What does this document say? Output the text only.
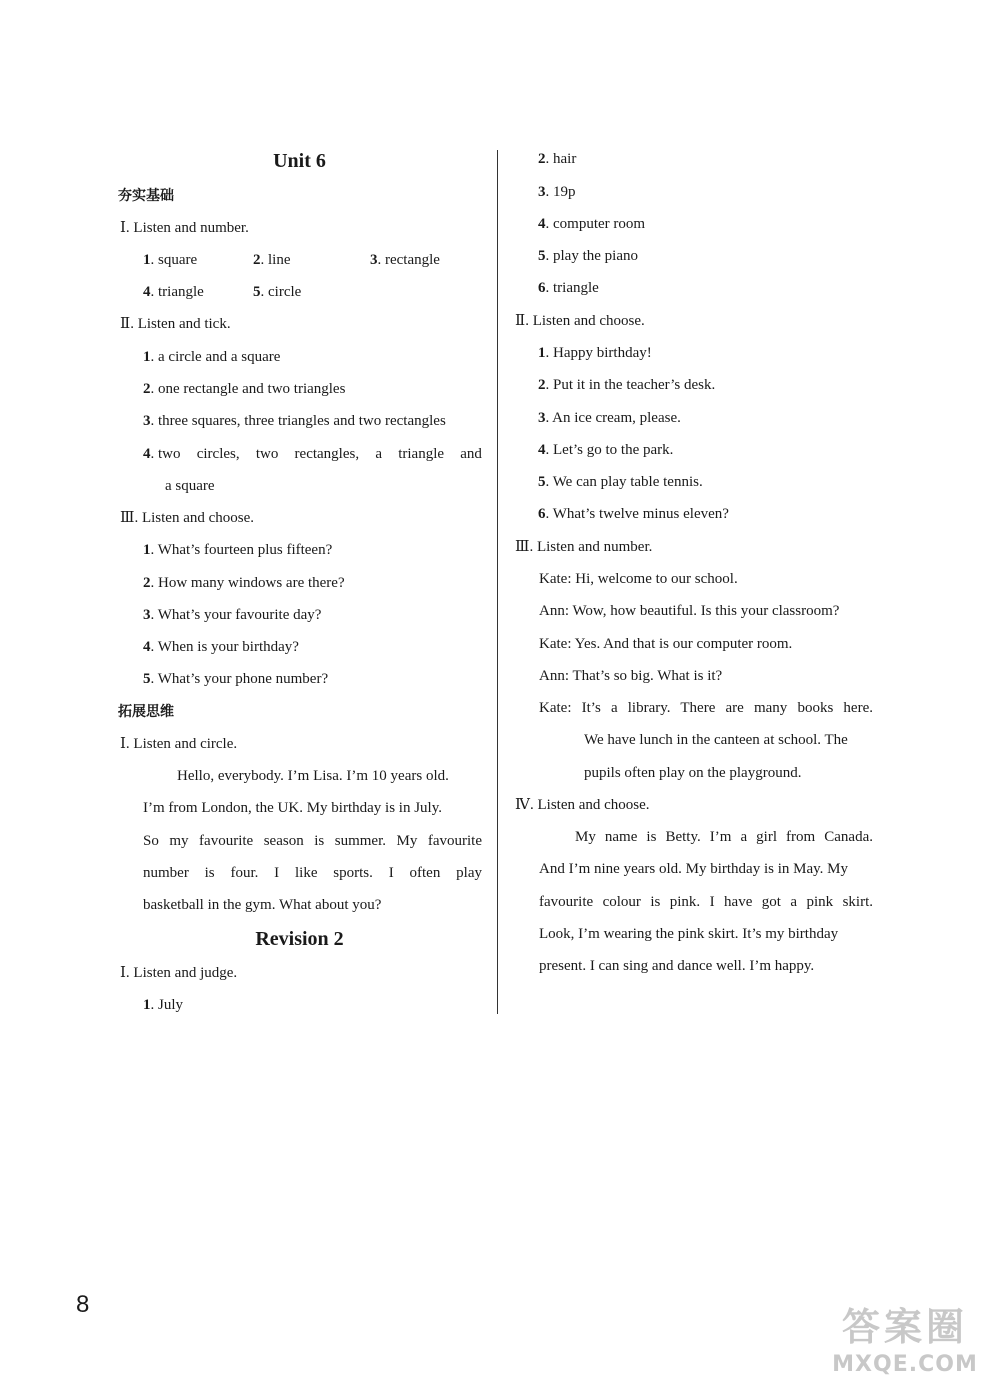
Unit 6
夯实基础
Ⅰ. Listen and number.
1. square	2. line	3. rectangle
4. triangle	5. circle
Ⅱ. Listen and tick.
1. a circle and a square
2. one rectangle and two triangles
3. three squares, three triangles and two rectangles
4. two circles, two rectangles, a triangle and
a square
Ⅲ. Listen and choose.
1. What’s fourteen plus fifteen?
2. How many windows are there?
3. What’s your favourite day?
4. When is your birthday?
5. What’s your phone number?
拓展思维
Ⅰ. Listen and circle.
Hello, everybody. I’m Lisa. I’m 10 years old.
I’m from London, the UK. My birthday is in July.
So my favourite season is summer. My favourite
number is four. I like sports. I often play
basketball in the gym. What about you?
Revision 2
Ⅰ. Listen and judge.
1. July
2. hair
3. 19p
4. computer room
5. play the piano
6. triangle
Ⅱ. Listen and choose.
1. Happy birthday!
2. Put it in the teacher’s desk.
3. An ice cream, please.
4. Let’s go to the park.
5. We can play table tennis.
6. What’s twelve minus eleven?
Ⅲ. Listen and number.
Kate: Hi, welcome to our school.
Ann: Wow, how beautiful. Is this your classroom?
Kate: Yes. And that is our computer room.
Ann: That’s so big. What is it?
Kate: It’s a library. There are many books here.
We have lunch in the canteen at school. The
pupils often play on the playground.
Ⅳ. Listen and choose.
My name is Betty. I’m a girl from Canada.
And I’m nine years old. My birthday is in May. My
favourite colour is pink. I have got a pink skirt.
Look, I’m wearing the pink skirt. It’s my birthday
present. I can sing and dance well. I’m happy.
8
答案圈
MXQE.COM
